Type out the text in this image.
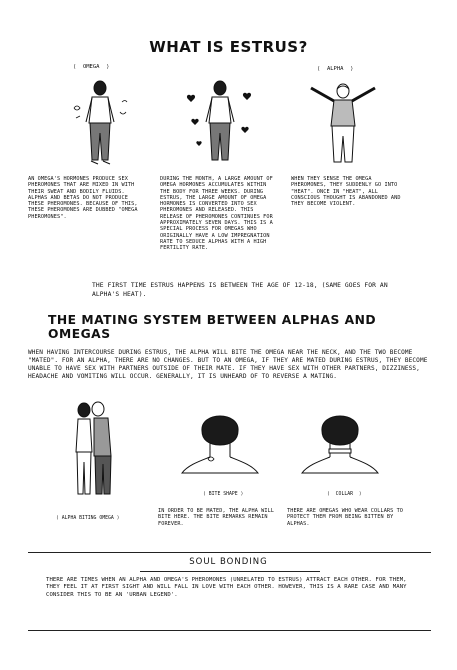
WHAT IS ESTRUS?
⟨  OMEGA  ⟩	⟨  ALPHA  ⟩
AN OMEGA'S HORMONES PRODUCE SEX PHEROMONES THAT ARE MIXED IN WITH THEIR SWEAT AND BODILY FLUIDS. ALPHAS AND BETAS DO NOT PRODUCE THESE PHEROMONES. BECAUSE OF THIS, THESE PHEROMONES ARE DUBBED "OMEGA PHEROMONES".
DURING THE MONTH, A LARGE AMOUNT OF OMEGA HORMONES ACCUMULATES WITHIN THE BODY FOR THREE WEEKS. DURING ESTRUS, THE LARGE AMOUNT OF OMEGA HORMONES IS CONVERTED INTO SEX PHEROMONES AND RELEASED. THIS RELEASE OF PHEROMONES CONTINUES FOR APPROXIMATELY SEVEN DAYS. THIS IS A SPECIAL PROCESS FOR OMEGAS WHO ORIGINALLY HAVE A LOW IMPREGNATION RATE TO SEDUCE ALPHAS WITH A HIGH FERTILITY RATE.
WHEN THEY SENSE THE OMEGA PHEROMONES, THEY SUDDENLY GO INTO "HEAT". ONCE IN "HEAT", ALL CONSCIOUS THOUGHT IS ABANDONED AND THEY BECOME VIOLENT.
THE FIRST TIME ESTRUS HAPPENS IS BETWEEN THE AGE OF 12-18, (SAME GOES FOR AN ALPHA'S HEAT).
THE MATING SYSTEM BETWEEN ALPHAS AND
OMEGAS
WHEN HAVING INTERCOURSE DURING ESTRUS, THE ALPHA WILL BITE THE OMEGA NEAR THE NECK, AND THE TWO BECOME "MATED". FOR AN ALPHA, THERE ARE NO CHANGES. BUT TO AN OMEGA, IF THEY ARE MATED DURING ESTRUS, THEY BECOME UNABLE TO HAVE SEX WITH PARTNERS OUTSIDE OF THEIR MATE. IF THEY HAVE SEX WITH OTHER PARTNERS, DIZZINESS, HEADACHE AND VOMITING WILL OCCUR. GENERALLY, IT IS UNHEARD OF TO REVERSE A MATING.
⟨ BITE SHAPE ⟩	⟨  COLLAR  ⟩
⟨ ALPHA BITING OMEGA ⟩
IN ORDER TO BE MATED, THE ALPHA WILL BITE HERE. THE BITE REMARKS REMAIN FOREVER.
THERE ARE OMEGAS WHO WEAR COLLARS TO PROTECT THEM FROM BEING BITTEN BY ALPHAS.
SOUL BONDING
THERE ARE TIMES WHEN AN ALPHA AND OMEGA'S PHEROMONES (UNRELATED TO ESTRUS) ATTRACT EACH OTHER. FOR THEM, THEY FEEL IT AT FIRST SIGHT AND WILL FALL IN LOVE WITH EACH OTHER. HOWEVER, THIS IS A RARE CASE AND MANY CONSIDER THIS TO BE AN 'URBAN LEGEND'.
